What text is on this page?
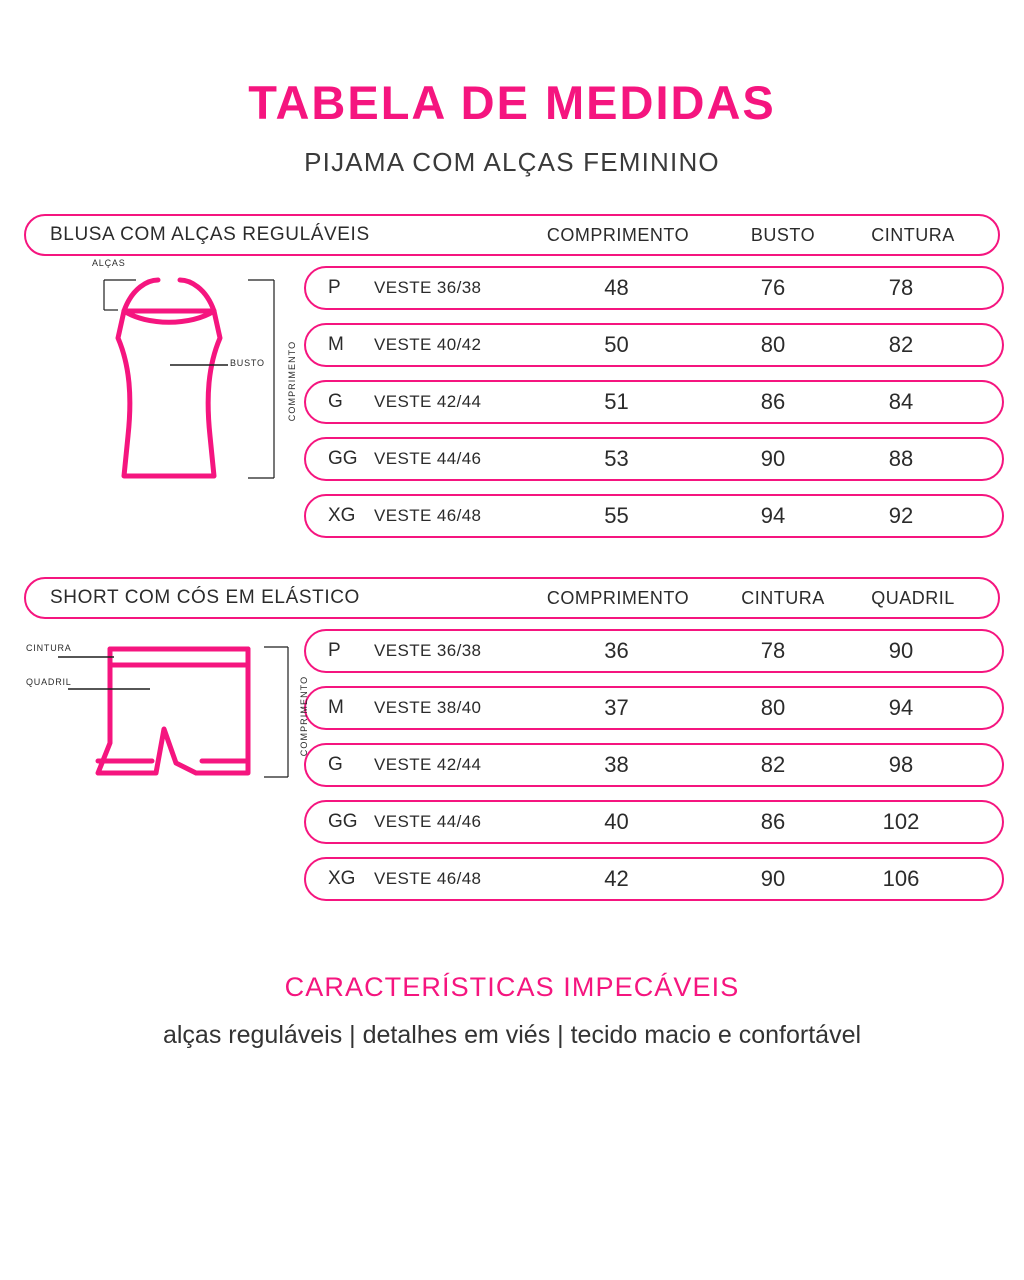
TABELA DE MEDIDAS

PIJAMA COM ALÇAS FEMININO

BLUSA COM ALÇAS REGULÁVEIS	COMPRIMENTO	BUSTO	CINTURA
ALÇAS
BUSTO COMPRIMENTO
P	VESTE 36/38	48	76	78
M	VESTE 40/42	50	80	82
G	VESTE 42/44	51	86	84
GG VESTE 44/46	53	90	88
XG	VESTE 46/48	55	94	92
SHORT COM CÓS EM ELÁSTICO	COMPRIMENTO	CINTURA	QUADRIL
CINTURA
QUADRIL	COMPRIMENTO
P	VESTE 36/38	36	78	90
M	VESTE 38/40	37	80	94
G	VESTE 42/44	38	82	98
GG VESTE 44/46	40	86	102
XG	VESTE 46/48	42	90	106

CARACTERÍSTICAS IMPECÁVEIS

alças reguláveis | detalhes em viés | tecido macio e confortável
